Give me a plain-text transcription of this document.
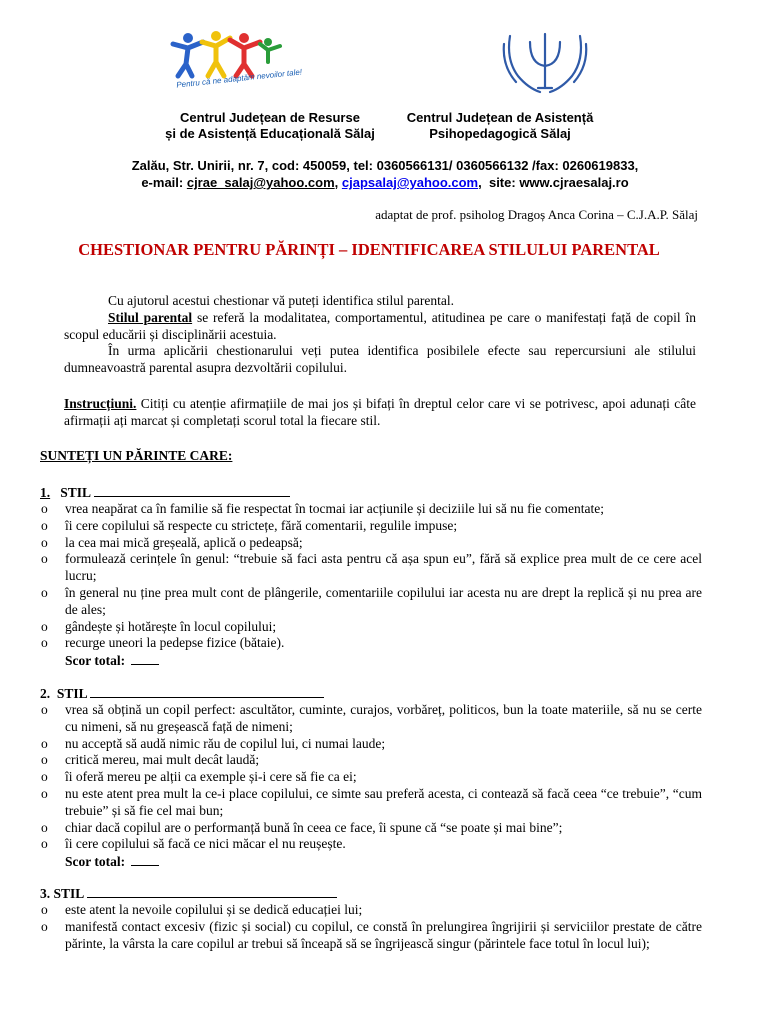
Pentru că ne adaptăm nevoilor tale!
Centrul Județean de Resurse
și de Asistență Educațională Sălaj
Centrul Județean de Asistență
Psihopedagogică Sălaj
Zalău, Str. Unirii, nr. 7, cod: 450059, tel: 0360566131/ 0360566132 /fax: 0260619833,
e-mail: cjrae_salaj@yahoo.com, cjapsalaj@yahoo.com,  site: www.cjraesalaj.ro
adaptat de prof. psiholog Dragoș Anca Corina – C.J.A.P. Sălaj
CHESTIONAR PENTRU PĂRINȚI – IDENTIFICAREA STILULUI PARENTAL

Cu ajutorul acestui chestionar vă puteți identifica stilul parental.

Stilul parental se referă la modalitatea, comportamentul, atitudinea pe care o manifestați față de copil în scopul educării și disciplinării acestuia.

În urma aplicării chestionarului veți putea identifica posibilele efecte sau repercursiuni ale stilului dumneavoastră parental asupra dezvoltării copilului.

Instrucțiuni. Citiți cu atenție afirmațiile de mai jos și bifați în dreptul celor care vi se potrivesc, apoi adunați câte afirmații ați marcat și completați scorul total la fiecare stil.
SUNTEȚI UN PĂRINTE CARE:
1. STIL
o vrea neapărat ca în familie să fie respectat în tocmai iar acțiunile și deciziile lui să nu fie comentate;
o îi cere copilului să respecte cu strictețe, fără comentarii, regulile impuse;
o la cea mai mică greșeală, aplică o pedeapsă;
o formulează cerințele în genul: “trebuie să faci asta pentru că așa spun eu”, fără să explice prea mult de ce cere acel lucru;
o în general nu ține prea mult cont de plângerile, comentariile copilului iar acesta nu are drept la replică și nu prea are de ales;
o gândește și hotărește în locul copilului;
o recurge uneori la pedepse fizice (bătaie).
Scor total:
2. STIL
o vrea să obțină un copil perfect: ascultător, cuminte, curajos, vorbăreț, politicos, bun la toate materiile, să nu se certe cu nimeni, să nu greșească față de nimeni;
o nu acceptă să audă nimic rău de copilul lui, ci numai laude;
o critică mereu, mai mult decât laudă;
o îi oferă mereu pe alții ca exemple și-i cere să fie ca ei;
o nu este atent prea mult la ce-i place copilului, ce simte sau preferă acesta, ci contează să facă ceea “ce trebuie”, “cum trebuie” și să fie cel mai bun;
o chiar dacă copilul are o performanță bună în ceea ce face, îi spune că “se poate și mai bine”;
o îi cere copilului să facă ce nici măcar el nu reușește.
Scor total:
3. STIL
o este atent la nevoile copilului și se dedică educației lui;
o manifestă contact excesiv (fizic și social) cu copilul, ce constă în prelungirea îngrijirii și serviciilor prestate de către părinte, la vârsta la care copilul ar trebui să înceapă să se îngrijească singur (părintele face totul în locul lui);
